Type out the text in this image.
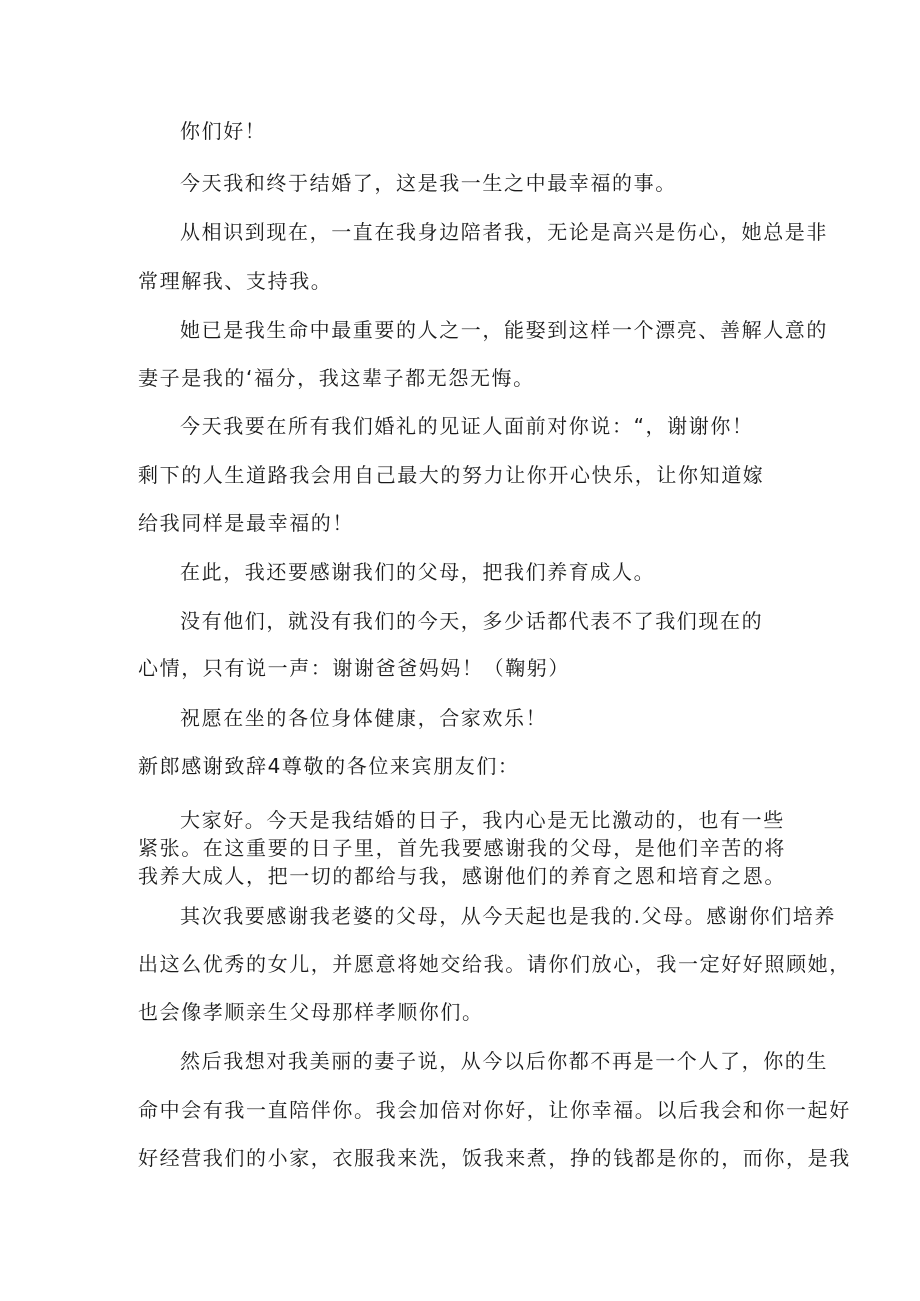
你们好！
今天我和终于结婚了，这是我一生之中最幸福的事。
从相识到现在，一直在我身边陪者我，无论是高兴是伤心，她总是非
常理解我、支持我。
她已是我生命中最重要的人之一，能娶到这样一个漂亮、善解人意的
妻子是我的‘福分，我这辈子都无怨无悔。
今天我要在所有我们婚礼的见证人面前对你说：“，谢谢你！
剩下的人生道路我会用自己最大的努力让你开心快乐，让你知道嫁
给我同样是最幸福的！
在此，我还要感谢我们的父母，把我们养育成人。
没有他们，就没有我们的今天，多少话都代表不了我们现在的
心情，只有说一声：谢谢爸爸妈妈！（鞠躬）
祝愿在坐的各位身体健康，合家欢乐！
新郎感谢致辞4尊敬的各位来宾朋友们：
大家好。今天是我结婚的日子，我内心是无比激动的，也有一些紧张。在这重要的日子里，首先我要感谢我的父母，是他们辛苦的将我养大成人，把一切的都给与我，感谢他们的养育之恩和培育之恩。
其次我要感谢我老婆的父母，从今天起也是我的.父母。感谢你们培养
出这么优秀的女儿，并愿意将她交给我。请你们放心，我一定好好照顾她，
也会像孝顺亲生父母那样孝顺你们。
然后我想对我美丽的妻子说，从今以后你都不再是一个人了，你的生
命中会有我一直陪伴你。我会加倍对你好，让你幸福。以后我会和你一起好
好经营我们的小家，衣服我来洗，饭我来煮，挣的钱都是你的，而你，是我
